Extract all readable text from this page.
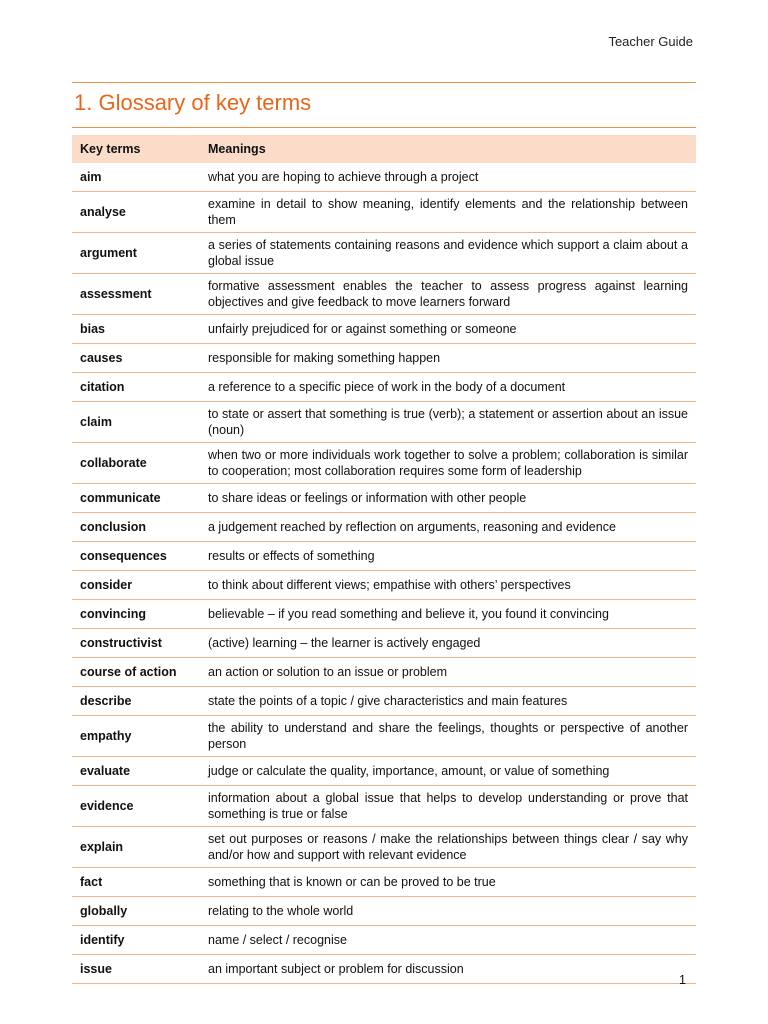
Teacher Guide
1. Glossary of key terms
Key terms	Meanings
aim	what you are hoping to achieve through a project
analyse	examine in detail to show meaning, identify elements and the relationship between them
argument	a series of statements containing reasons and evidence which support a claim about a global issue
assessment	formative assessment enables the teacher to assess progress against learning objectives and give feedback to move learners forward
bias	unfairly prejudiced for or against something or someone
causes	responsible for making something happen
citation	a reference to a specific piece of work in the body of a document
claim	to state or assert that something is true (verb); a statement or assertion about an issue (noun)
collaborate	when two or more individuals work together to solve a problem; collaboration is similar to cooperation; most collaboration requires some form of leadership
communicate	to share ideas or feelings or information with other people
conclusion	a judgement reached by reflection on arguments, reasoning and evidence
consequences	results or effects of something
consider	to think about different views; empathise with others’ perspectives
convincing	believable – if you read something and believe it, you found it convincing
constructivist	(active) learning – the learner is actively engaged
course of action	an action or solution to an issue or problem
describe	state the points of a topic / give characteristics and main features
empathy	the ability to understand and share the feelings, thoughts or perspective of another person
evaluate	judge or calculate the quality, importance, amount, or value of something
evidence	information about a global issue that helps to develop understanding or prove that something is true or false
explain	set out purposes or reasons / make the relationships between things clear / say why and/or how and support with relevant evidence
fact	something that is known or can be proved to be true
globally	relating to the whole world
identify	name / select / recognise
issue	an important subject or problem for discussion
1
